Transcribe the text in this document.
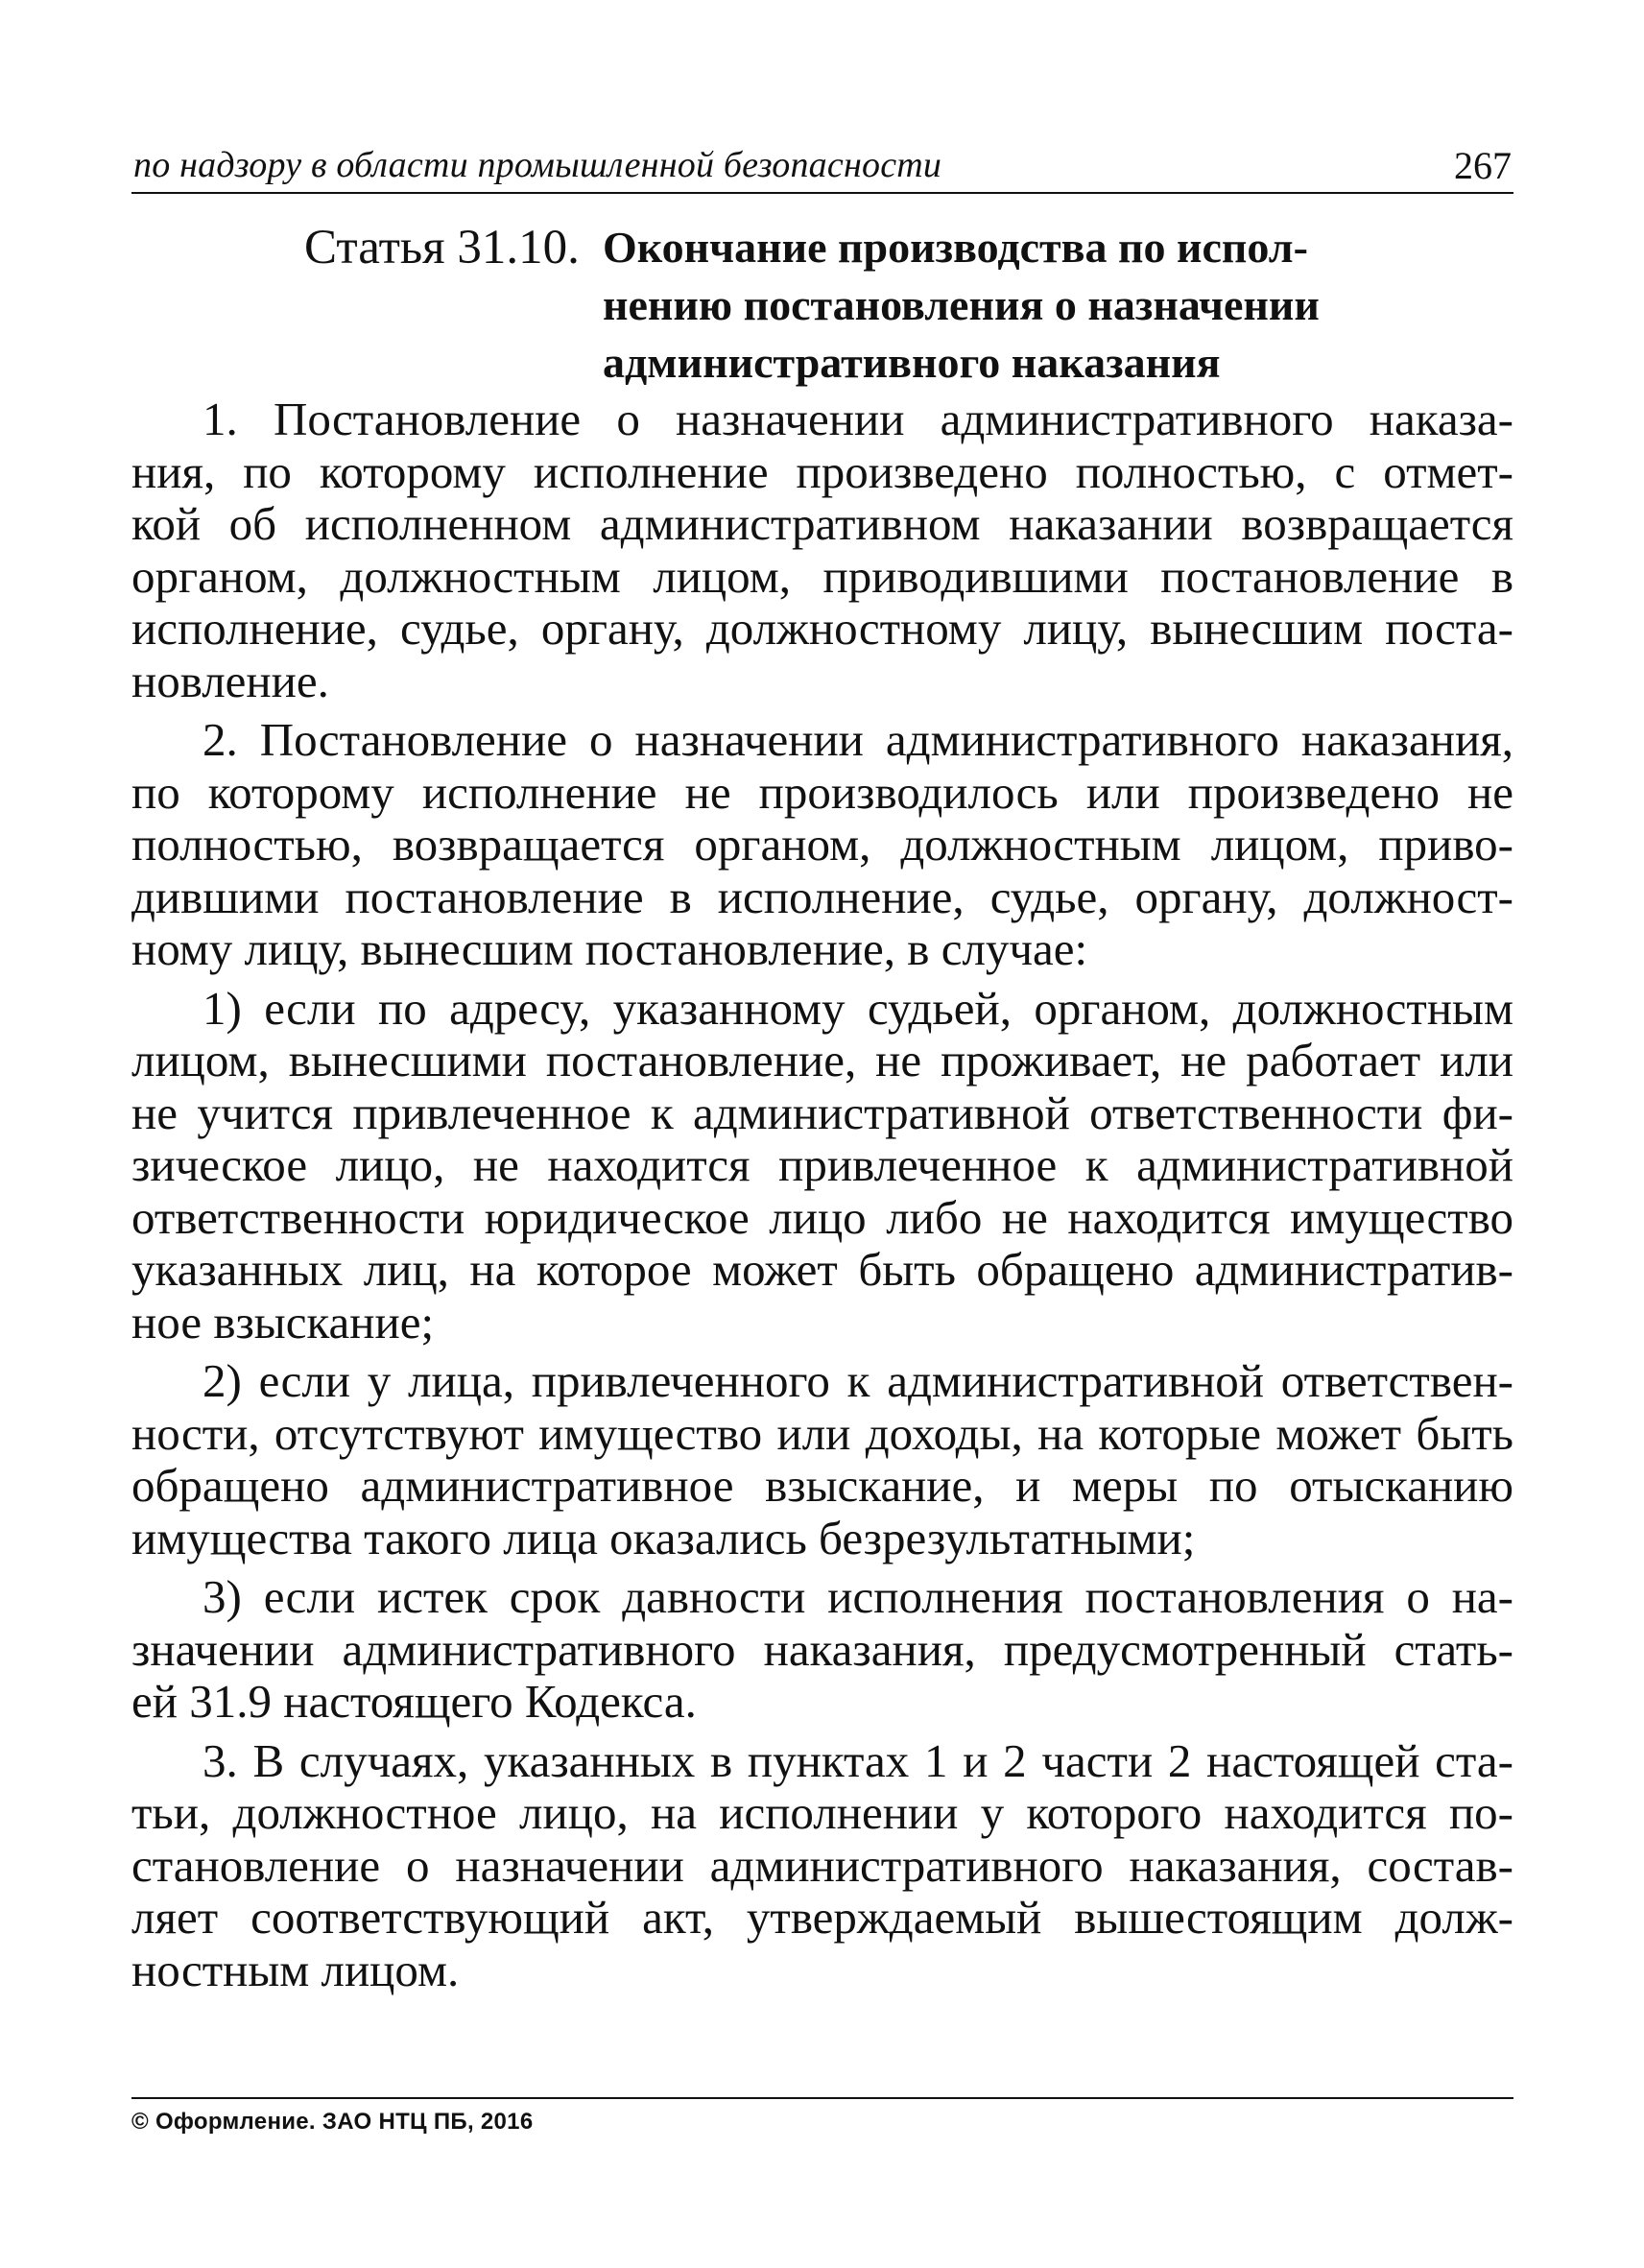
по надзору в области промышленной безопасности	267
Статья 31.10. Окончание производства по испол-
нению постановления о назначении
административного наказания

1. Постановление о назначении административного наказа-
ния, по которому исполнение произведено полностью, с отмет-
кой об исполненном административном наказании возвращается
органом, должностным лицом, приводившими постановление в
исполнение, судье, органу, должностному лицу, вынесшим поста-
новление.

2. Постановление о назначении административного наказания,
по которому исполнение не производилось или произведено не
полностью, возвращается органом, должностным лицом, приво-
дившими постановление в исполнение, судье, органу, должност-
ному лицу, вынесшим постановление, в случае:

1) если по адресу, указанному судьей, органом, должностным
лицом, вынесшими постановление, не проживает, не работает или
не учится привлеченное к административной ответственности фи-
зическое лицо, не находится привлеченное к административной
ответственности юридическое лицо либо не находится имущество
указанных лиц, на которое может быть обращено административ-
ное взыскание;

2) если у лица, привлеченного к административной ответствен-
ности, отсутствуют имущество или доходы, на которые может быть
обращено административное взыскание, и меры по отысканию
имущества такого лица оказались безрезультатными;

3) если истек срок давности исполнения постановления о на-
значении административного наказания, предусмотренный стать-
ей 31.9 настоящего Кодекса.

3. В случаях, указанных в пунктах 1 и 2 части 2 настоящей ста-
тьи, должностное лицо, на исполнении у которого находится по-
становление о назначении административного наказания, состав-
ляет соответствующий акт, утверждаемый вышестоящим долж-
ностным лицом.

© Оформление. ЗАО НТЦ ПБ, 2016
